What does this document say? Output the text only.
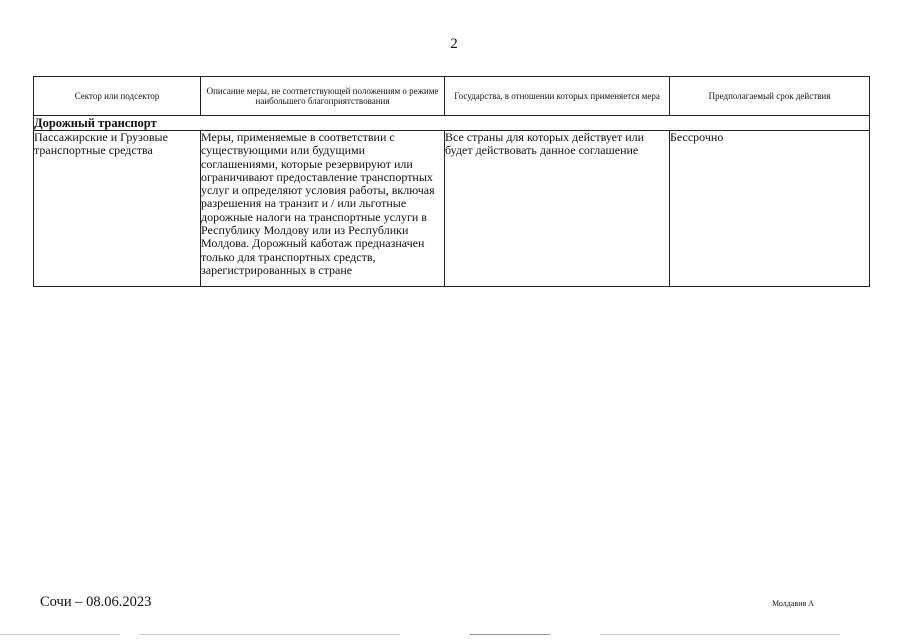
2
Сектор или подсектор	Описание меры, не соответствующей положениям о режиме наибольшего благоприятствования	Государства, в отношении которых применяется мера	Предполагаемый срок действия
Дорожный транспорт			
Пассажирские и Грузовые транспортные средства	Меры, применяемые в соответствии с существующими или будущими соглашениями, которые резервируют или ограничивают предоставление транспортных услуг и определяют условия работы, включая разрешения на транзит и / или льготные дорожные налоги на транспортные услуги в Республику Молдову или из Республики Молдова. Дорожный каботаж предназначен только для транспортных средств, зарегистрированных в стране	Все страны для которых действует или будет действовать данное соглашение	Бессрочно
Сочи – 08.06.2023	Молдавия А
